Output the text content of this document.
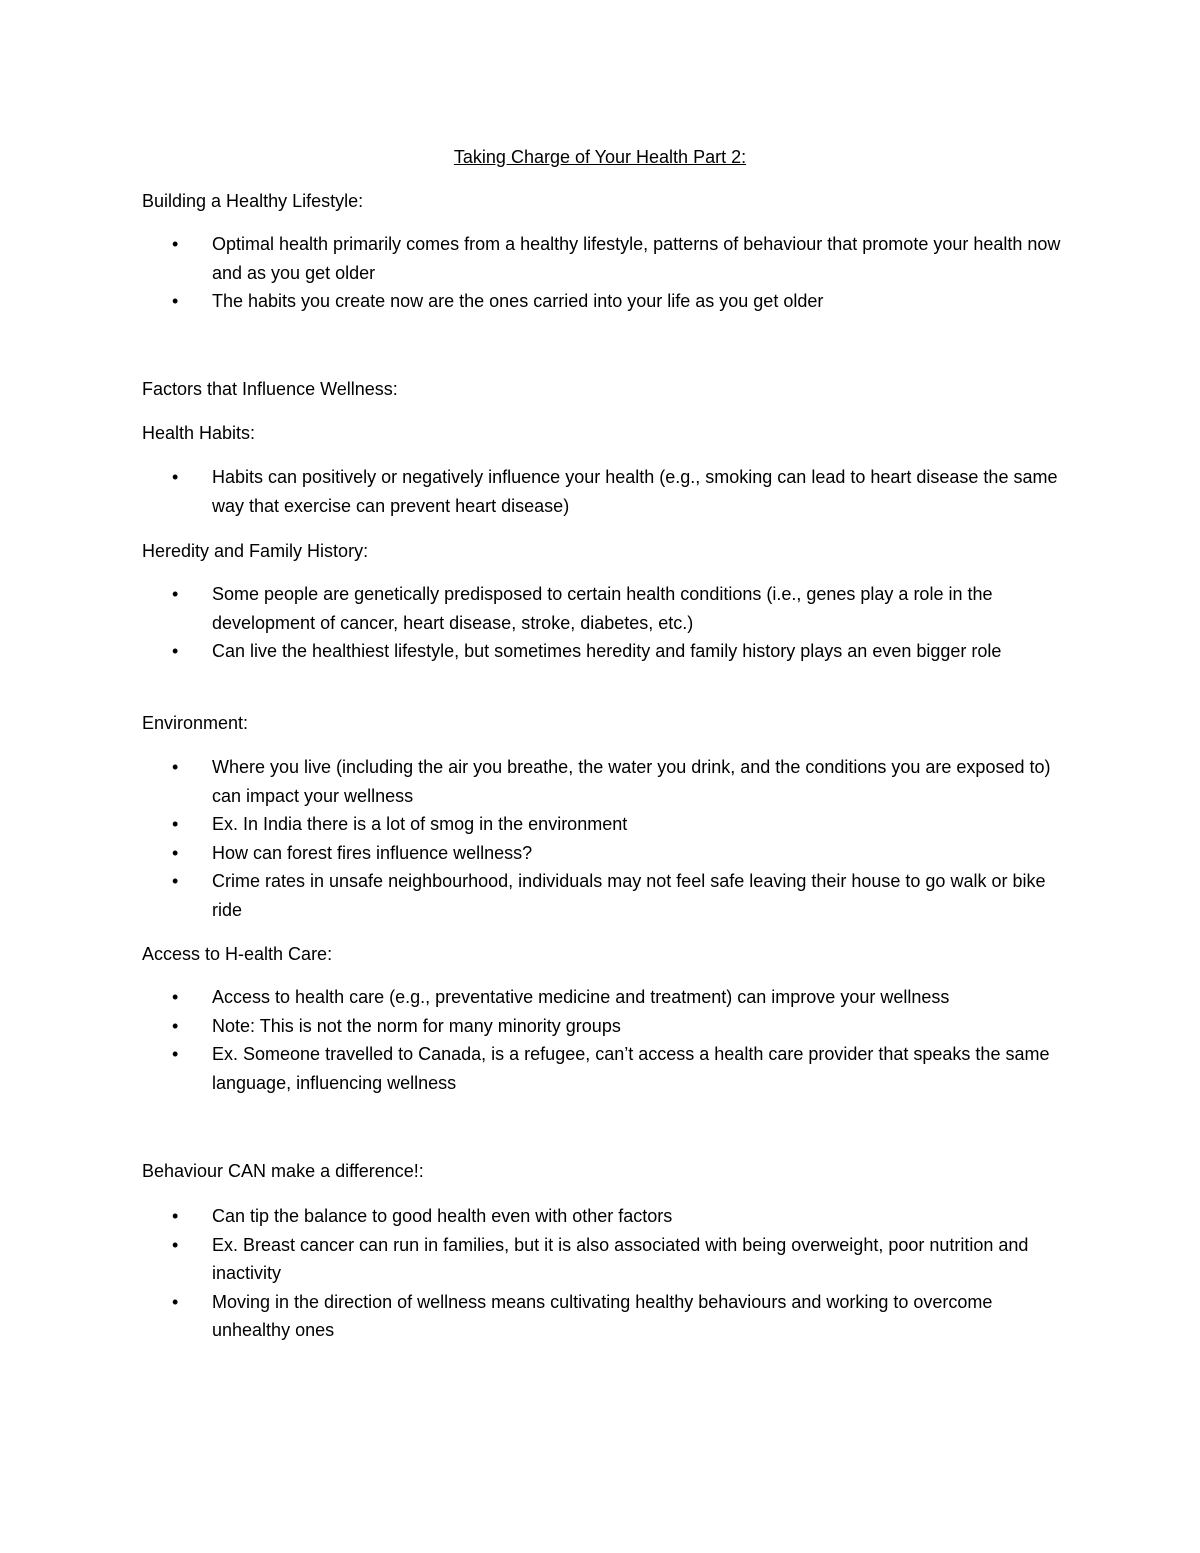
Taking Charge of Your Health Part 2:
Building a Healthy Lifestyle:
• Optimal health primarily comes from a healthy lifestyle, patterns of behaviour that promote your health now and as you get older
• The habits you create now are the ones carried into your life as you get older
Factors that Influence Wellness:
Health Habits:
• Habits can positively or negatively influence your health (e.g., smoking can lead to heart disease the same way that exercise can prevent heart disease)
Heredity and Family History:
• Some people are genetically predisposed to certain health conditions (i.e., genes play a role in the development of cancer, heart disease, stroke, diabetes, etc.)
• Can live the healthiest lifestyle, but sometimes heredity and family history plays an even bigger role
Environment:
• Where you live (including the air you breathe, the water you drink, and the conditions you are exposed to) can impact your wellness
• Ex. In India there is a lot of smog in the environment
• How can forest fires influence wellness?
• Crime rates in unsafe neighbourhood, individuals may not feel safe leaving their house to go walk or bike ride
Access to H-ealth Care:
• Access to health care (e.g., preventative medicine and treatment) can improve your wellness
• Note: This is not the norm for many minority groups
• Ex. Someone travelled to Canada, is a refugee, can’t access a health care provider that speaks the same language, influencing wellness
Behaviour CAN make a difference!:
• Can tip the balance to good health even with other factors
• Ex. Breast cancer can run in families, but it is also associated with being overweight, poor nutrition and inactivity
• Moving in the direction of wellness means cultivating healthy behaviours and working to overcome unhealthy ones
